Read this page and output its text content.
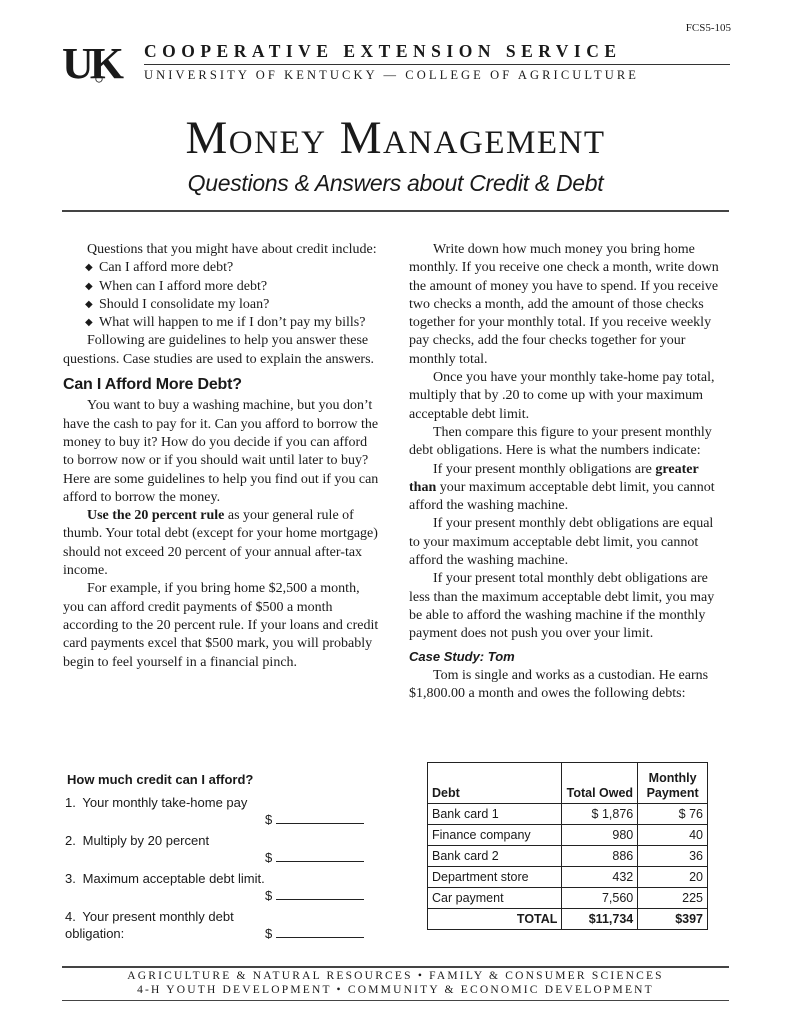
FCS5-105
UK COOPERATIVE EXTENSION SERVICE
UNIVERSITY OF KENTUCKY — COLLEGE OF AGRICULTURE
Money Management
Questions & Answers about Credit & Debt

Questions that you might have about credit include:

◆ Can I afford more debt?
◆ When can I afford more debt?
◆ Should I consolidate my loan?
◆ What will happen to me if I don’t pay my bills?

Following are guidelines to help you answer these questions. Case studies are used to explain the answers.

Can I Afford More Debt?

You want to buy a washing machine, but you don’t have the cash to pay for it. Can you afford to borrow the money to buy it? How do you decide if you can afford to borrow now or if you should wait until later to buy? Here are some guidelines to help you find out if you can afford to borrow the money.

Use the 20 percent rule as your general rule of thumb. Your total debt (except for your home mortgage) should not exceed 20 percent of your annual after-tax income.

For example, if you bring home $2,500 a month, you can afford credit payments of $500 a month according to the 20 percent rule. If your loans and credit card payments excel that $500 mark, you will probably begin to feel yourself in a financial pinch.

How much credit can I afford?
1. Your monthly take-home pay
$
2. Multiply by 20 percent
$
3. Maximum acceptable debt limit.
$
4. Your present monthly debt obligation:	$

Write down how much money you bring home monthly. If you receive one check a month, write down the amount of money you have to spend. If you receive two checks a month, add the amount of those checks together for your monthly total. If you receive weekly pay checks, add the four checks together for your monthly total.

Once you have your monthly take-home pay total, multiply that by .20 to come up with your maximum acceptable debt limit.

Then compare this figure to your present monthly debt obligations. Here is what the numbers indicate:

If your present monthly obligations are greater than your maximum acceptable debt limit, you cannot afford the washing machine.

If your present monthly debt obligations are equal to your maximum acceptable debt limit, you cannot afford the washing machine.

If your present total monthly debt obligations are less than the maximum acceptable debt limit, you may be able to afford the washing machine if the monthly payment does not push you over your limit.

Case Study: Tom

Tom is single and works as a custodian. He earns $1,800.00 a month and owes the following debts:

Debt	Total Owed	Monthly Payment
Bank card 1	$ 1,876	$ 76
Finance company	980	40
Bank card 2	886	36
Department store	432	20
Car payment	7,560	225
TOTAL	$11,734	$397
AGRICULTURE & NATURAL RESOURCES • FAMILY & CONSUMER SCIENCES
4-H YOUTH DEVELOPMENT • COMMUNITY & ECONOMIC DEVELOPMENT
